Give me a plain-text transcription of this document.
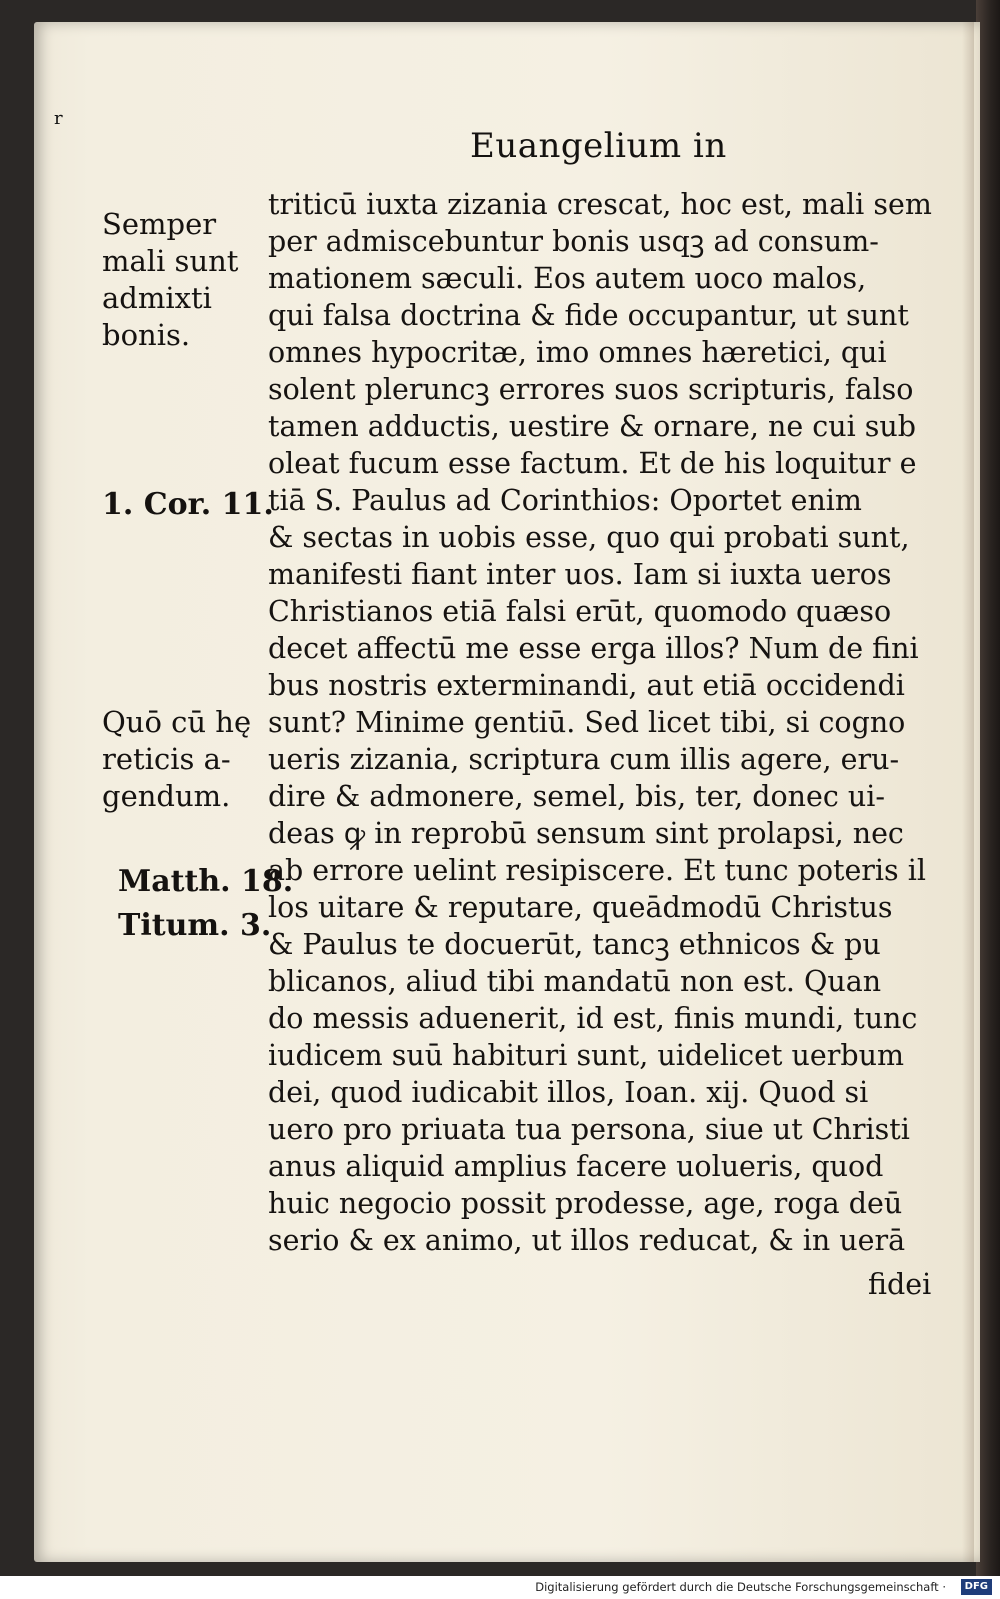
r
Euangelium in
Semper
mali sunt
admixti
bonis.
1. Cor. 11.
Quō cū hę
reticis a-
gendum.
Matth. 18.
Titum. 3.
triticū iuxta zizania crescat, hoc est, mali sem
per admiscebuntur bonis usqꝫ ad consum-
mationem sæculi. Eos autem uoco malos,
qui falsa doctrina & fide occupantur, ut sunt
omnes hypocritæ, imo omnes hæretici, qui
solent pleruncꝫ errores suos scripturis, falso
tamen adductis, uestire & ornare, ne cui sub
oleat fucum esse factum. Et de his loquitur e
tiā S. Paulus ad Corinthios: Oportet enim
& sectas in uobis esse, quo qui probati sunt,
manifesti fiant inter uos. Iam si iuxta ueros
Christianos etiā falsi erūt, quomodo quæso
decet affectū me esse erga illos? Num de fini
bus nostris exterminandi, aut etiā occidendi
sunt? Minime gentiū. Sed licet tibi, si cogno
ueris zizania, scriptura cum illis agere, eru-
dire & admonere, semel, bis, ter, donec ui-
deas ꝙ in reprobū sensum sint prolapsi, nec
ab errore uelint resipiscere. Et tunc poteris il
los uitare & reputare, queādmodū Christus
& Paulus te docuerūt, tancꝫ ethnicos & pu
blicanos, aliud tibi mandatū non est. Quan
do messis aduenerit, id est, finis mundi, tunc
iudicem suū habituri sunt, uidelicet uerbum
dei, quod iudicabit illos, Ioan. xij. Quod si
uero pro priuata tua persona, siue ut Christi
anus aliquid amplius facere uolueris, quod
huic negocio possit prodesse, age, roga deū
serio & ex animo, ut illos reducat, & in uerā
fidei
Digitalisierung gefördert durch die Deutsche Forschungsgemeinschaft ·	DFG
